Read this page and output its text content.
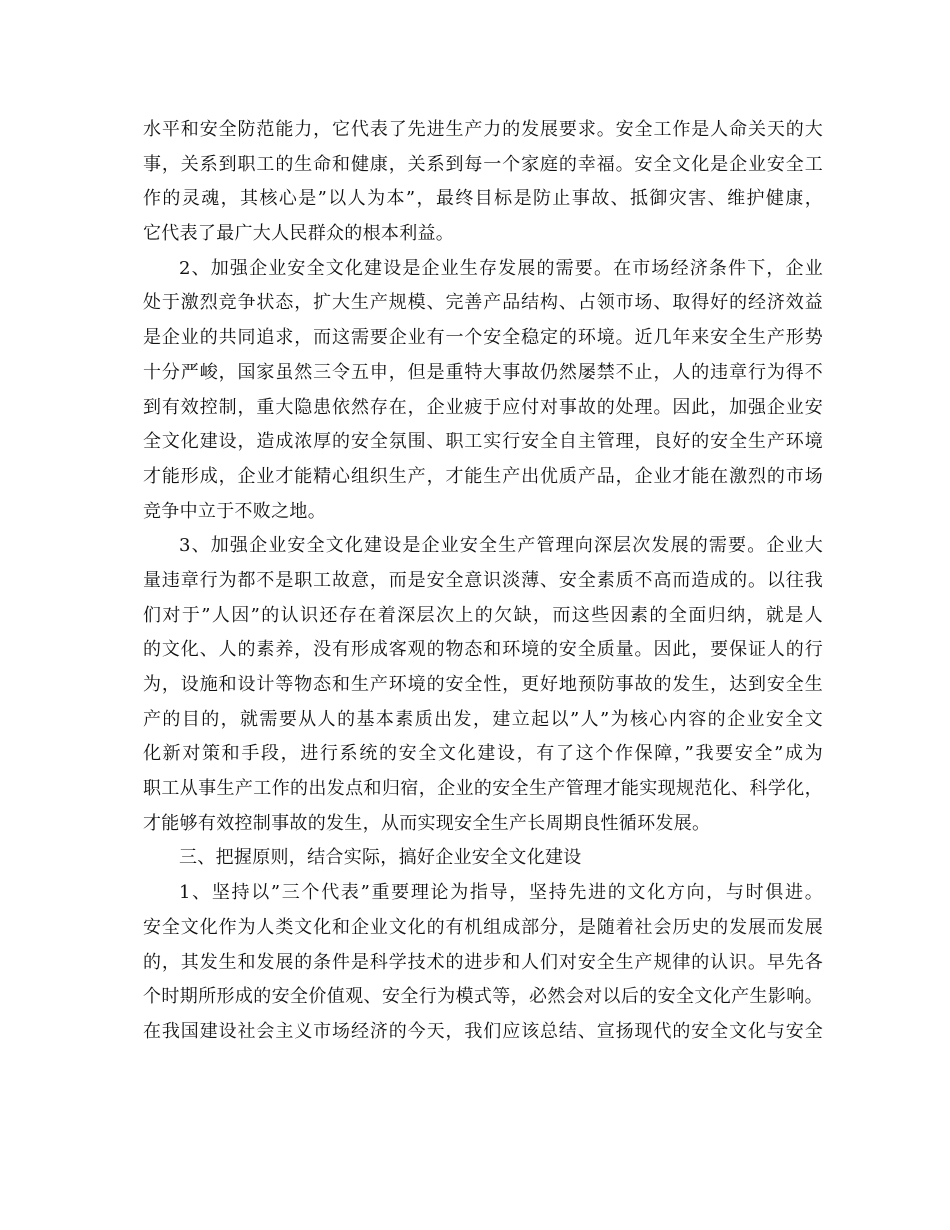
水平和安全防范能力，它代表了先进生产力的发展要求。安全工作是人命关天的大
事，关系到职工的生命和健康，关系到每一个家庭的幸福。安全文化是企业安全工
作的灵魂，其核心是”以人为本”，最终目标是防止事故、抵御灾害、维护健康，
它代表了最广大人民群众的根本利益。
2、加强企业安全文化建设是企业生存发展的需要。在市场经济条件下，企业
处于激烈竞争状态，扩大生产规模、完善产品结构、占领市场、取得好的经济效益
是企业的共同追求，而这需要企业有一个安全稳定的环境。近几年来安全生产形势
十分严峻，国家虽然三令五申，但是重特大事故仍然屡禁不止，人的违章行为得不
到有效控制，重大隐患依然存在，企业疲于应付对事故的处理。因此，加强企业安
全文化建设，造成浓厚的安全氛围、职工实行安全自主管理，良好的安全生产环境
才能形成，企业才能精心组织生产，才能生产出优质产品，企业才能在激烈的市场
竞争中立于不败之地。
3、加强企业安全文化建设是企业安全生产管理向深层次发展的需要。企业大
量违章行为都不是职工故意，而是安全意识淡薄、安全素质不高而造成的。以往我
们对于”人因”的认识还存在着深层次上的欠缺，而这些因素的全面归纳，就是人
的文化、人的素养，没有形成客观的物态和环境的安全质量。因此，要保证人的行
为，设施和设计等物态和生产环境的安全性，更好地预防事故的发生，达到安全生
产的目的，就需要从人的基本素质出发，建立起以”人”为核心内容的企业安全文
化新对策和手段，进行系统的安全文化建设，有了这个作保障，”我要安全”成为
职工从事生产工作的出发点和归宿，企业的安全生产管理才能实现规范化、科学化，
才能够有效控制事故的发生，从而实现安全生产长周期良性循环发展。
三、把握原则，结合实际，搞好企业安全文化建设
1、坚持以”三个代表”重要理论为指导，坚持先进的文化方向，与时俱进。
安全文化作为人类文化和企业文化的有机组成部分，是随着社会历史的发展而发展
的，其发生和发展的条件是科学技术的进步和人们对安全生产规律的认识。早先各
个时期所形成的安全价值观、安全行为模式等，必然会对以后的安全文化产生影响。
在我国建设社会主义市场经济的今天，我们应该总结、宣扬现代的安全文化与安全
